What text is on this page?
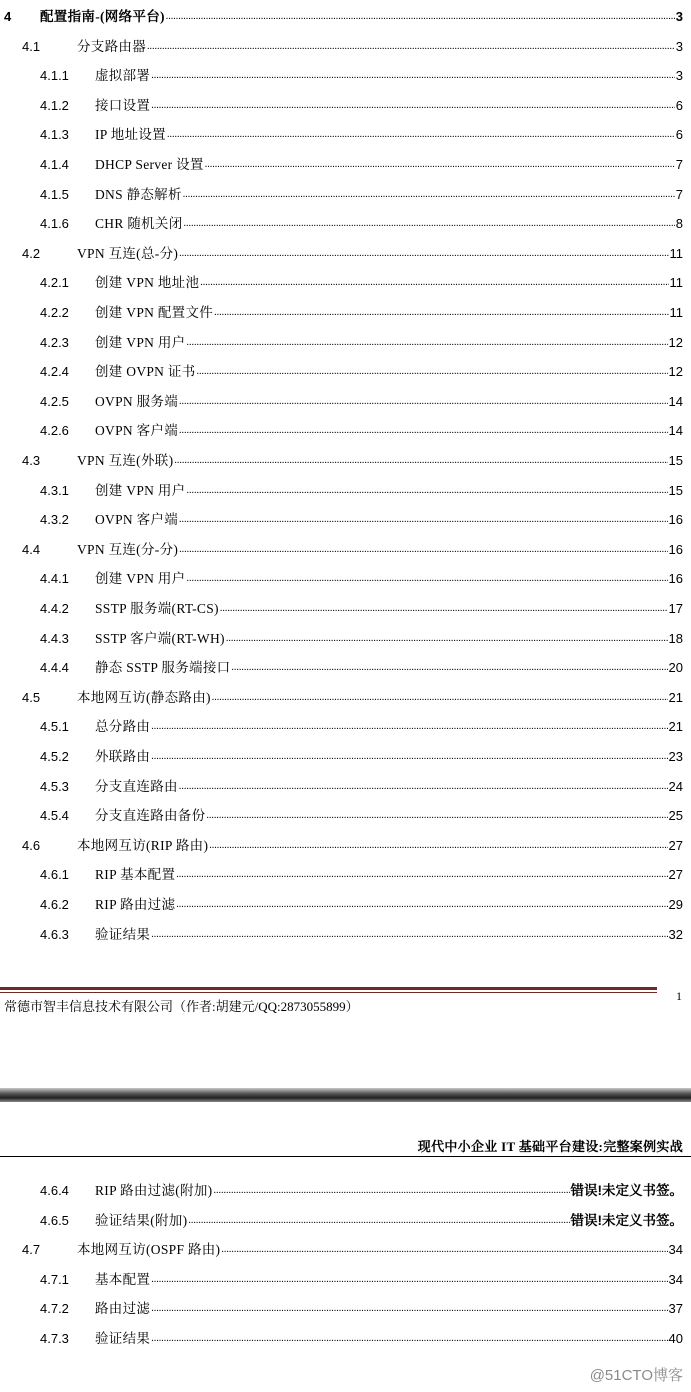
4 配置指南-(网络平台) .....	3
4.1	分支路由器 .....	3
4.1.1 虚拟部署 .....	3
4.1.2 接口设置 .....	6
4.1.3 IP 地址设置 .....	6
4.1.4 DHCP Server 设置 .....	7
4.1.5 DNS 静态解析 .....	7
4.1.6 CHR 随机关闭 .....	8
4.2	VPN 互连(总-分) .....	11
4.2.1 创建 VPN 地址池 .....	11
4.2.2 创建 VPN 配置文件 .....	11
4.2.3 创建 VPN 用户 .....	12
4.2.4 创建 OVPN 证书 .....	12
4.2.5 OVPN 服务端 .....	14
4.2.6 OVPN 客户端 .....	14
4.3	VPN 互连(外联) .....	15
4.3.1 创建 VPN 用户 .....	15
4.3.2 OVPN 客户端 .....	16
4.4	VPN 互连(分-分) .....	16
4.4.1 创建 VPN 用户 .....	16
4.4.2 SSTP 服务端(RT-CS) .....	17
4.4.3 SSTP 客户端(RT-WH) .....	18
4.4.4 静态 SSTP 服务端接口 .....	20
4.5	本地网互访(静态路由) .....	21
4.5.1 总分路由 .....	21
4.5.2 外联路由 .....	23
4.5.3 分支直连路由 .....	24
4.5.4 分支直连路由备份 .....	25
4.6	本地网互访(RIP 路由) .....	27
4.6.1 RIP 基本配置 .....	27
4.6.2 RIP 路由过滤 .....	29
4.6.3 验证结果 .....	32
常德市智丰信息技术有限公司（作者:胡建元/QQ:2873055899）
1
现代中小企业 IT 基础平台建设:完整案例实战
4.6.4 RIP 路由过滤(附加) .....	错误!未定义书签。
4.6.5 验证结果(附加) .....	错误!未定义书签。
4.7	本地网互访(OSPF 路由) .....	34
4.7.1 基本配置 .....	34
4.7.2 路由过滤 .....	37
4.7.3 验证结果 .....	40
@51CTO博客
